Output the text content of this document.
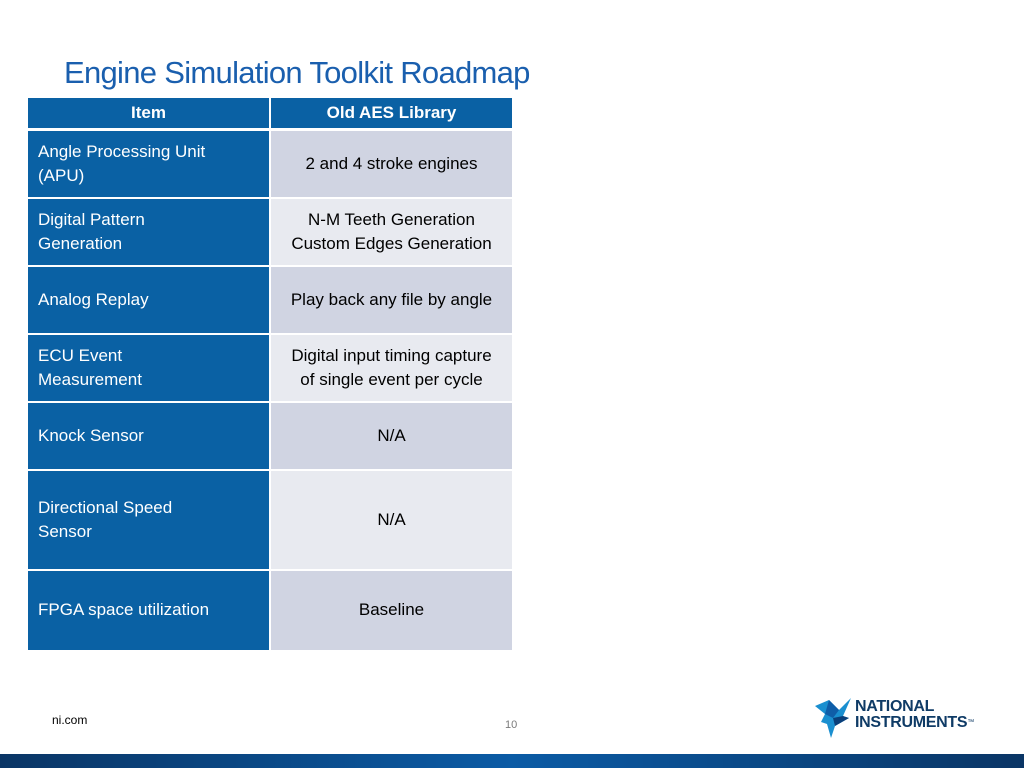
Engine Simulation Toolkit Roadmap
Item	Old AES Library

Angle Processing Unit
(APU)	2 and 4 stroke engines

Digital Pattern
Generation	N-M Teeth Generation
Custom Edges Generation

Analog Replay	Play back any file by angle

ECU Event
Measurement	Digital input timing capture
of single event per cycle

Knock Sensor	N/A

Directional Speed
Sensor	N/A

FPGA space utilization	Baseline
ni.com	10
NATIONAL
INSTRUMENTS™
